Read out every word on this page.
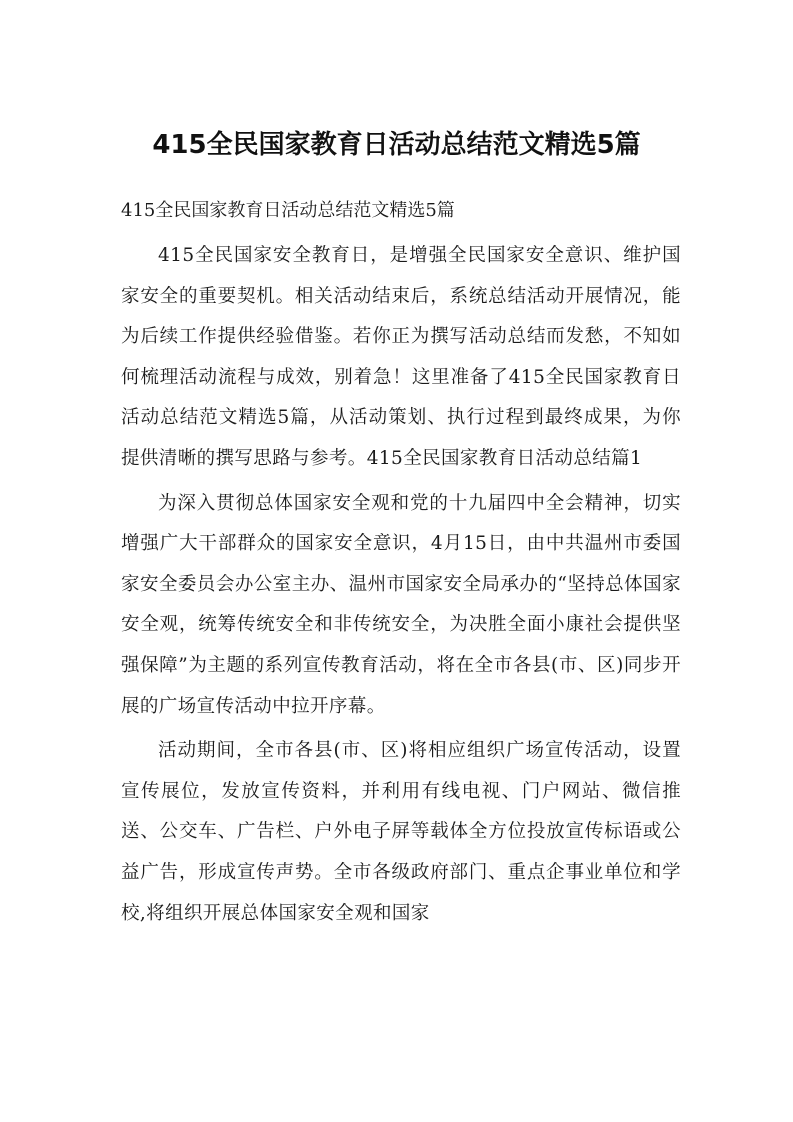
415全民国家教育日活动总结范文精选5篇
415全民国家教育日活动总结范文精选5篇

415全民国家安全教育日，是增强全民国家安全意识、维护国家安全的重要契机。相关活动结束后，系统总结活动开展情况，能为后续工作提供经验借鉴。若你正为撰写活动总结而发愁，不知如何梳理活动流程与成效，别着急！这里准备了415全民国家教育日活动总结范文精选5篇，从活动策划、执行过程到最终成果，为你提供清晰的撰写思路与参考。415全民国家教育日活动总结篇1

为深入贯彻总体国家安全观和党的十九届四中全会精神，切实增强广大干部群众的国家安全意识，4月15日，由中共温州市委国家安全委员会办公室主办、温州市国家安全局承办的“坚持总体国家安全观，统筹传统安全和非传统安全，为决胜全面小康社会提供坚强保障”为主题的系列宣传教育活动，将在全市各县(市、区)同步开展的广场宣传活动中拉开序幕。

活动期间，全市各县(市、区)将相应组织广场宣传活动，设置宣传展位，发放宣传资料，并利用有线电视、门户网站、微信推送、公交车、广告栏、户外电子屏等载体全方位投放宣传标语或公益广告，形成宣传声势。全市各级政府部门、重点企事业单位和学校,将组织开展总体国家安全观和国家
